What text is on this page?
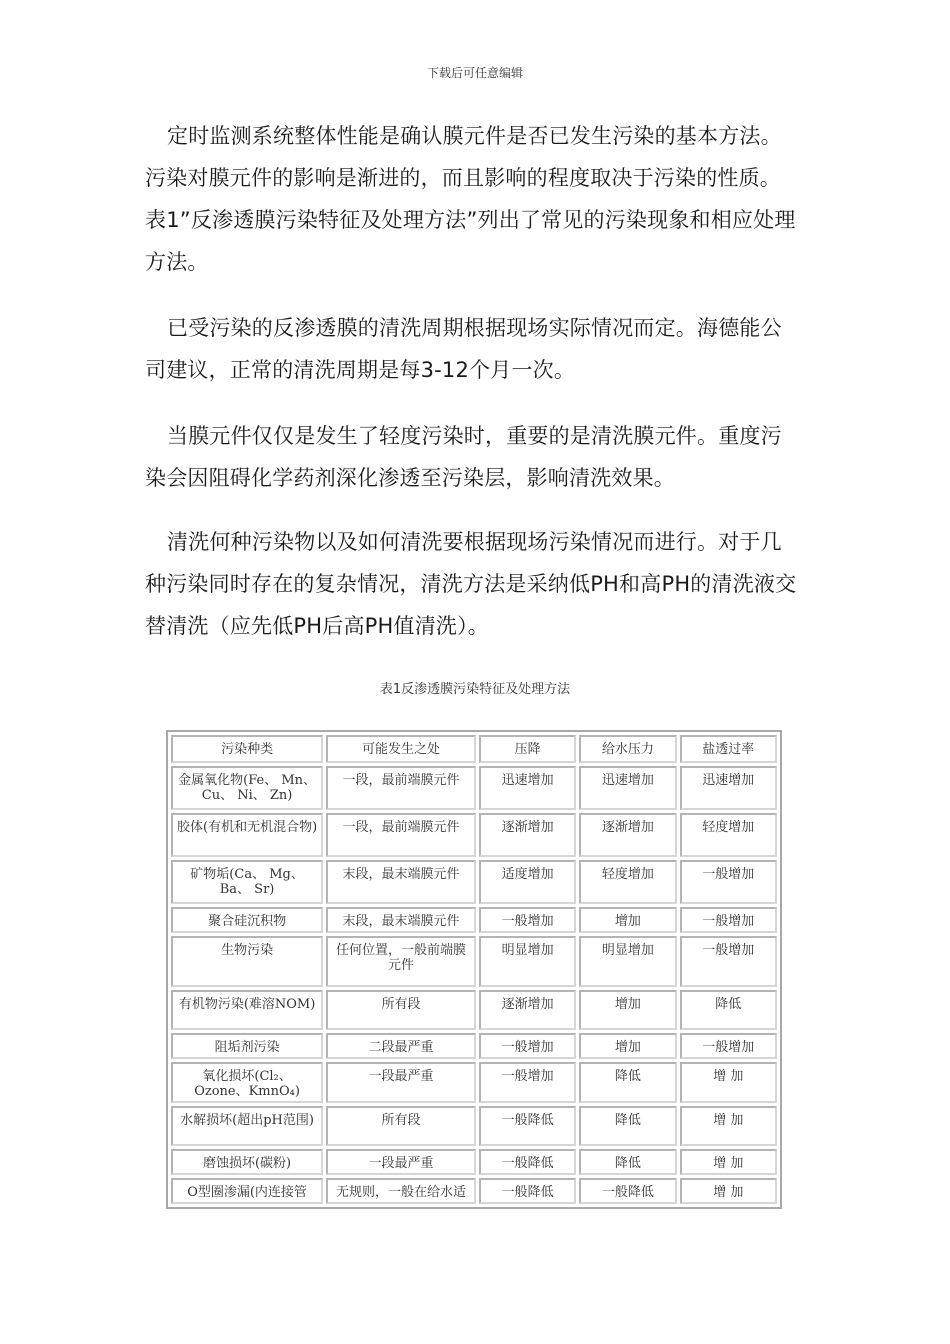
下载后可任意编辑

定时监测系统整体性能是确认膜元件是否已发生污染的基本方法。污染对膜元件的影响是渐进的，而且影响的程度取决于污染的性质。表1”反渗透膜污染特征及处理方法”列出了常见的污染现象和相应处理方法。

已受污染的反渗透膜的清洗周期根据现场实际情况而定。海德能公司建议，正常的清洗周期是每3-12个月一次。

当膜元件仅仅是发生了轻度污染时，重要的是清洗膜元件。重度污染会因阻碍化学药剂深化渗透至污染层，影响清洗效果。

清洗何种污染物以及如何清洗要根据现场污染情况而进行。对于几种污染同时存在的复杂情况，清洗方法是采纳低PH和高PH的清洗液交替清洗（应先低PH后高PH值清洗）。

表1反渗透膜污染特征及处理方法
污染种类	可能发生之处	压降	给水压力	盐透过率
金属氧化物(Fe、 Mn、Cu、 Ni、 Zn)	一段，最前端膜元件	迅速增加	迅速增加	迅速增加
胶体(有机和无机混合物)	一段，最前端膜元件	逐渐增加	逐渐增加	轻度增加
矿物垢(Ca、 Mg、Ba、 Sr)	末段，最末端膜元件	适度增加	轻度增加	一般增加
聚合硅沉积物	末段，最末端膜元件	一般增加	增加	一般增加
生物污染	任何位置，一般前端膜元件	明显增加	明显增加	一般增加
有机物污染(难溶NOM)	所有段	逐渐增加	增加	降低
阻垢剂污染	二段最严重	一般增加	增加	一般增加
氧化损坏(Cl₂、Ozone、KmnO₄)	一段最严重	一般增加	降低	增 加
水解损坏(超出pH范围)	所有段	一般降低	降低	增 加
磨蚀损坏(碳粉)	一段最严重	一般降低	降低	增 加
O型圈渗漏(内连接管	无规则，一般在给水适	一般降低	一般降低	增 加
